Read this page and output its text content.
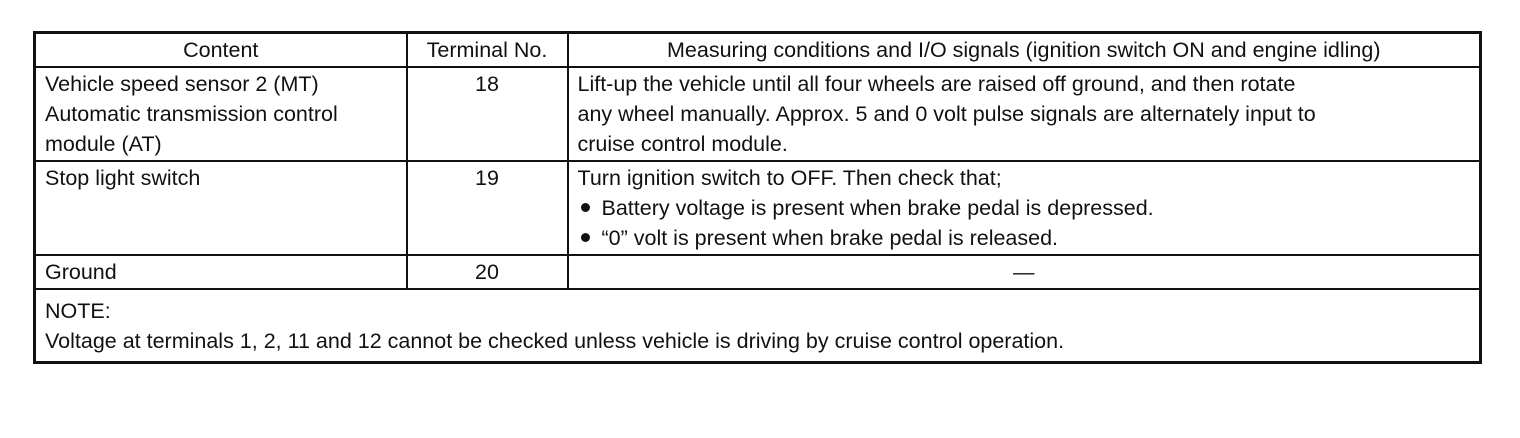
Content	Terminal No.	Measuring conditions and I/O signals (ignition switch ON and engine idling)

Vehicle speed sensor 2 (MT)
Automatic transmission control
module (AT)	18	Lift-up the vehicle until all four wheels are raised off ground, and then rotate
any wheel manually. Approx. 5 and 0 volt pulse signals are alternately input to
cruise control module.

Stop light switch	19	Turn ignition switch to OFF. Then check that;
Battery voltage is present when brake pedal is depressed.
“0” volt is present when brake pedal is released.

Ground	20	—

NOTE:
Voltage at terminals 1, 2, 11 and 12 cannot be checked unless vehicle is driving by cruise control operation.		
